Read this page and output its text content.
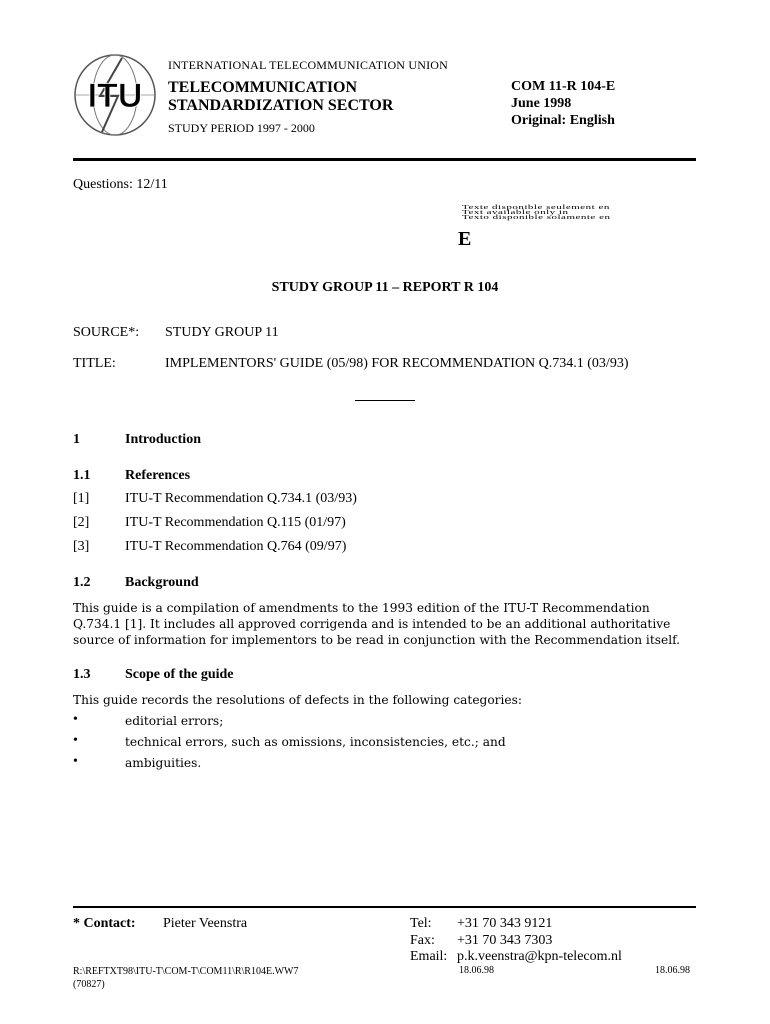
ITU
INTERNATIONAL TELECOMMUNICATION UNION
TELECOMMUNICATION
STANDARDIZATION SECTOR
STUDY PERIOD 1997 - 2000
COM 11-R 104-E
June 1998
Original: English
Questions: 12/11
Texte disponible seulement en
Text available only in
Texto disponible solamente en
E
STUDY GROUP 11 – REPORT R 104
SOURCE*: STUDY GROUP 11
TITLE:	IMPLEMENTORS' GUIDE (05/98) FOR RECOMMENDATION Q.734.1 (03/93)
1	Introduction
1.1 References
[1]	ITU-T Recommendation Q.734.1 (03/93)
[2]	ITU-T Recommendation Q.115 (01/97)
[3]	ITU-T Recommendation Q.764 (09/97)
1.2 Background
This guide is a compilation of amendments to the 1993 edition of the ITU-T Recommendation
Q.734.1 [1]. It includes all approved corrigenda and is intended to be an additional authoritative
source of information for implementors to be read in conjunction with the Recommendation itself.
1.3 Scope of the guide
This guide records the resolutions of defects in the following categories:
•	editorial errors;
•	technical errors, such as omissions, inconsistencies, etc.; and
•	ambiguities.
* Contact: Pieter Veenstra	Tel: +31 70 343 9121
Fax: +31 70 343 7303
Email: p.k.veenstra@kpn-telecom.nl
R:\REFTXT98\ITU-T\COM-T\COM11\R\R104E.WW7
(70827)
18.06.98	18.06.98
